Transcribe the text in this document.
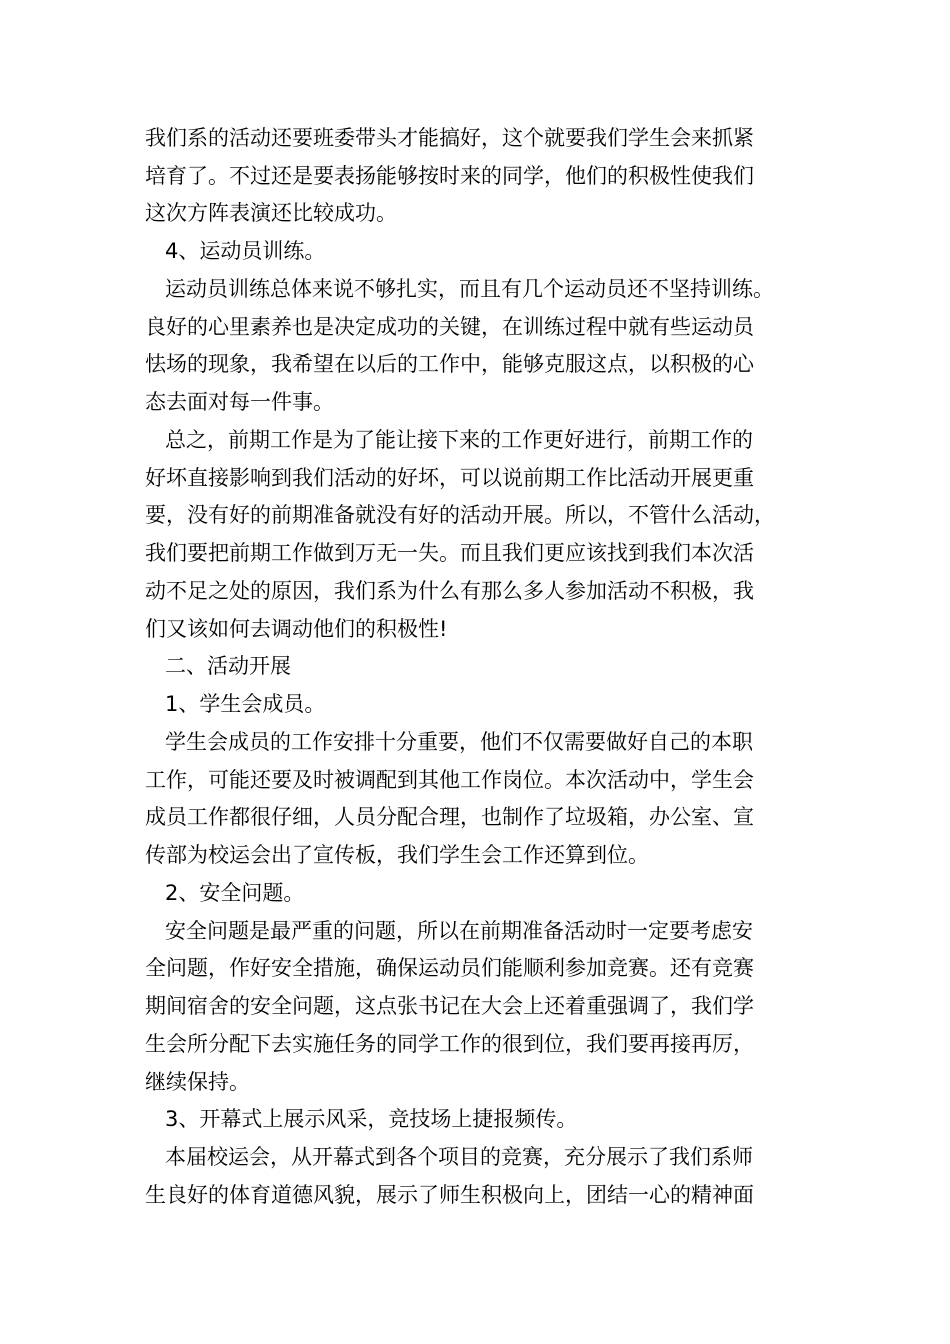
我们系的活动还要班委带头才能搞好，这个就要我们学生会来抓紧
培育了。不过还是要表扬能够按时来的同学，他们的积极性使我们
这次方阵表演还比较成功。
4、运动员训练。
运动员训练总体来说不够扎实，而且有几个运动员还不坚持训练。
良好的心里素养也是决定成功的关键，在训练过程中就有些运动员
怯场的现象，我希望在以后的工作中，能够克服这点，以积极的心
态去面对每一件事。
总之，前期工作是为了能让接下来的工作更好进行，前期工作的
好坏直接影响到我们活动的好坏，可以说前期工作比活动开展更重
要，没有好的前期准备就没有好的活动开展。所以，不管什么活动，
我们要把前期工作做到万无一失。而且我们更应该找到我们本次活
动不足之处的原因，我们系为什么有那么多人参加活动不积极，我
们又该如何去调动他们的积极性!
二、活动开展
1、学生会成员。
学生会成员的工作安排十分重要，他们不仅需要做好自己的本职
工作，可能还要及时被调配到其他工作岗位。本次活动中，学生会
成员工作都很仔细，人员分配合理，也制作了垃圾箱，办公室、宣
传部为校运会出了宣传板，我们学生会工作还算到位。
2、安全问题。
安全问题是最严重的问题，所以在前期准备活动时一定要考虑安
全问题，作好安全措施，确保运动员们能顺利参加竞赛。还有竞赛
期间宿舍的安全问题，这点张书记在大会上还着重强调了，我们学
生会所分配下去实施任务的同学工作的很到位，我们要再接再厉，
继续保持。
3、开幕式上展示风采，竞技场上捷报频传。
本届校运会，从开幕式到各个项目的竞赛，充分展示了我们系师
生良好的体育道德风貌，展示了师生积极向上，团结一心的精神面
